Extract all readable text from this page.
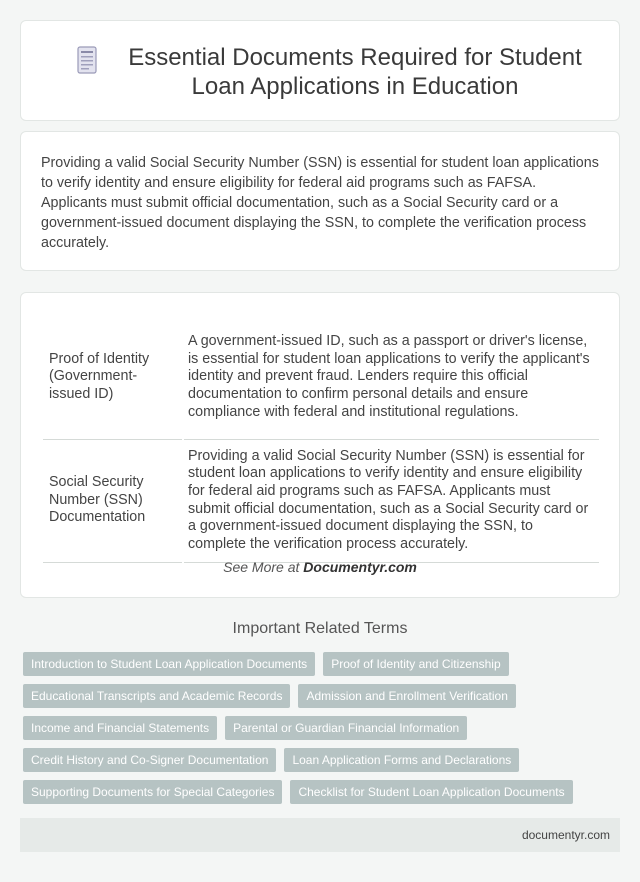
Essential Documents Required for Student Loan Applications in Education

Providing a valid Social Security Number (SSN) is essential for student loan applications to verify identity and ensure eligibility for federal aid programs such as FAFSA. Applicants must submit official documentation, such as a Social Security card or a government-issued document displaying the SSN, to complete the verification process accurately.

Proof of Identity (Government-issued ID)	A government-issued ID, such as a passport or driver's license, is essential for student loan applications to verify the applicant's identity and prevent fraud. Lenders require this official documentation to confirm personal details and ensure compliance with federal and institutional regulations.
Social Security Number (SSN) Documentation	Providing a valid Social Security Number (SSN) is essential for student loan applications to verify identity and ensure eligibility for federal aid programs such as FAFSA. Applicants must submit official documentation, such as a Social Security card or a government-issued document displaying the SSN, to complete the verification process accurately.
See More at Documentyr.com
Important Related Terms
Introduction to Student Loan Application Documents	Proof of Identity and Citizenship
Educational Transcripts and Academic Records	Admission and Enrollment Verification
Income and Financial Statements	Parental or Guardian Financial Information
Credit History and Co-Signer Documentation	Loan Application Forms and Declarations
Supporting Documents for Special Categories	Checklist for Student Loan Application Documents
documentyr.com
